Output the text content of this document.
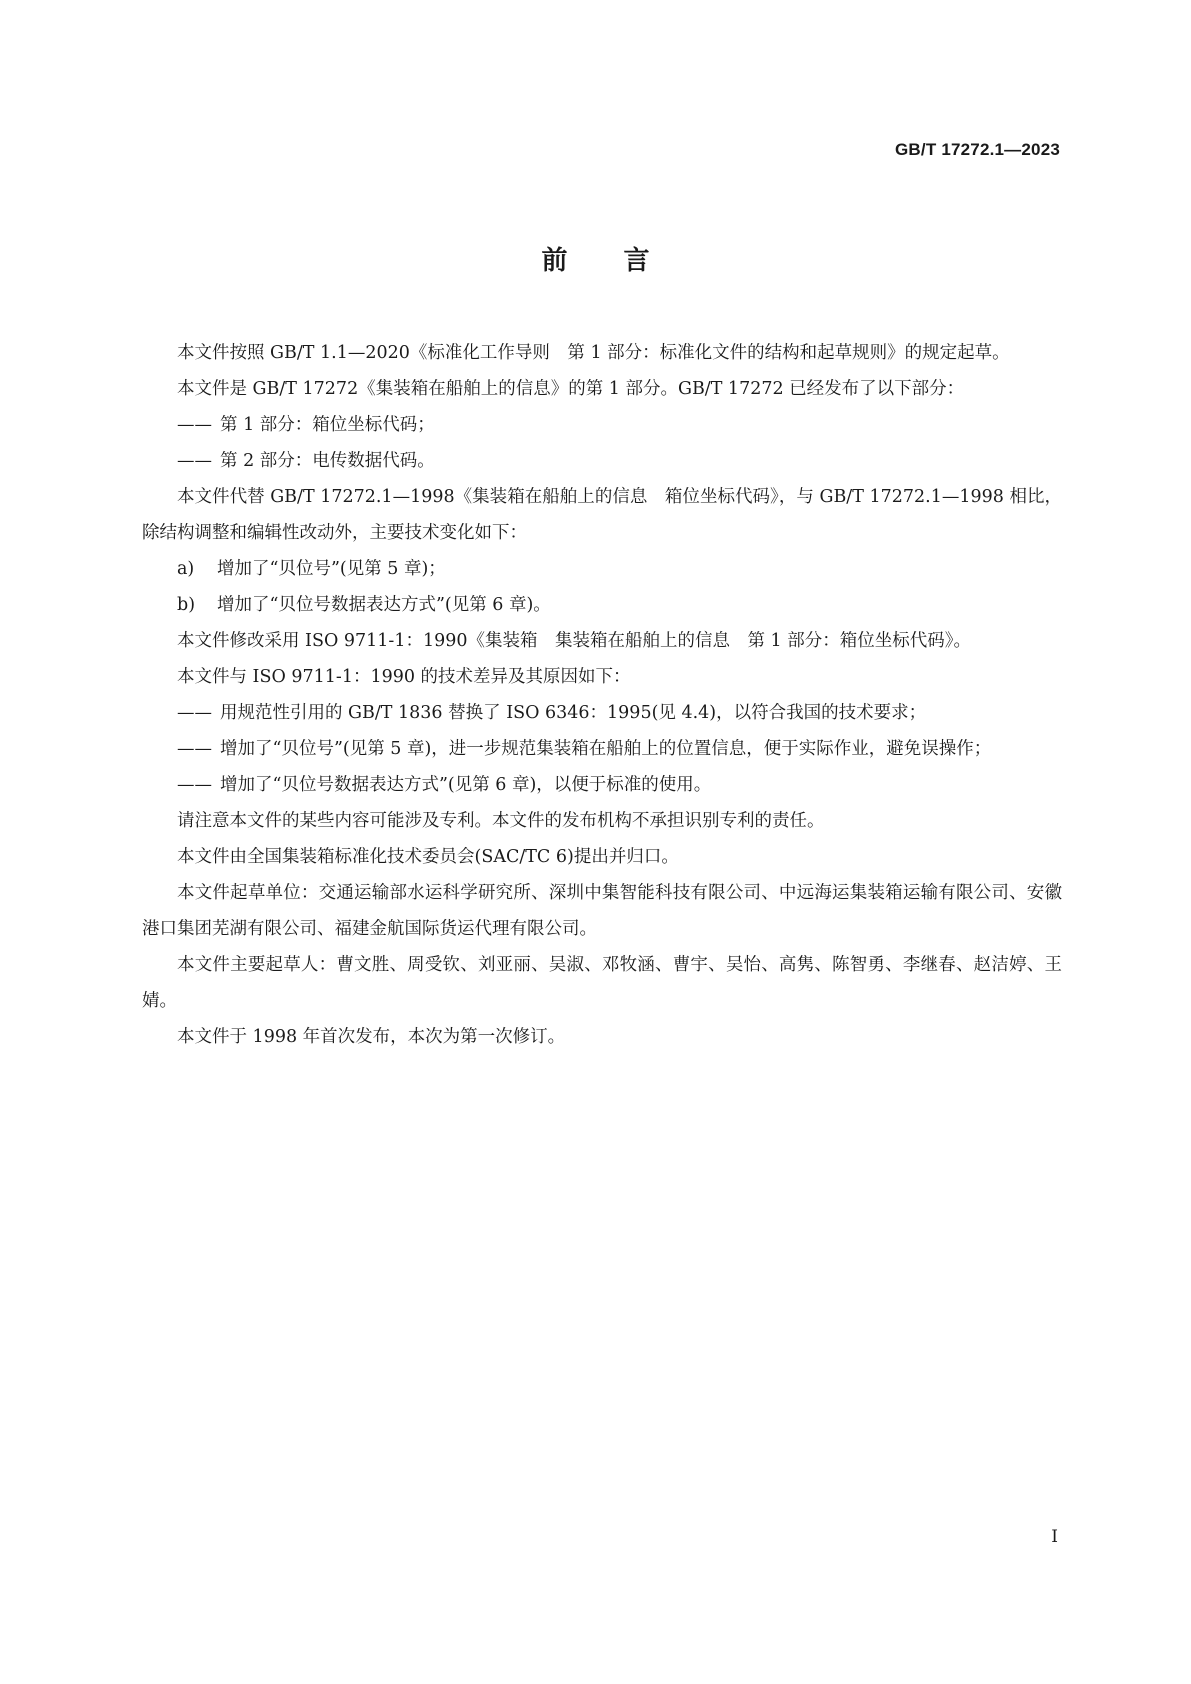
GB/T 17272.1—2023
前言

本文件按照 GB/T 1.1—2020《标准化工作导则　第 1 部分：标准化文件的结构和起草规则》的规定起草。

本文件是 GB/T 17272《集装箱在船舶上的信息》的第 1 部分。GB/T 17272 已经发布了以下部分：

—— 第 1 部分：箱位坐标代码；

—— 第 2 部分：电传数据代码。

本文件代替 GB/T 17272.1—1998《集装箱在船舶上的信息　箱位坐标代码》，与 GB/T 17272.1—1998 相比，除结构调整和编辑性改动外，主要技术变化如下：

a) 增加了“贝位号”(见第 5 章)；

b) 增加了“贝位号数据表达方式”(见第 6 章)。

本文件修改采用 ISO 9711-1：1990《集装箱　集装箱在船舶上的信息　第 1 部分：箱位坐标代码》。

本文件与 ISO 9711-1：1990 的技术差异及其原因如下：

—— 用规范性引用的 GB/T 1836 替换了 ISO 6346：1995(见 4.4)，以符合我国的技术要求；

—— 增加了“贝位号”(见第 5 章)，进一步规范集装箱在船舶上的位置信息，便于实际作业，避免误操作；

—— 增加了“贝位号数据表达方式”(见第 6 章)，以便于标准的使用。

请注意本文件的某些内容可能涉及专利。本文件的发布机构不承担识别专利的责任。

本文件由全国集装箱标准化技术委员会(SAC/TC 6)提出并归口。

本文件起草单位：交通运输部水运科学研究所、深圳中集智能科技有限公司、中远海运集装箱运输有限公司、安徽港口集团芜湖有限公司、福建金航国际货运代理有限公司。

本文件主要起草人：曹文胜、周受钦、刘亚丽、吴淑、邓牧涵、曹宇、吴怡、高隽、陈智勇、李继春、赵洁婷、王婧。

本文件于 1998 年首次发布，本次为第一次修订。

I
